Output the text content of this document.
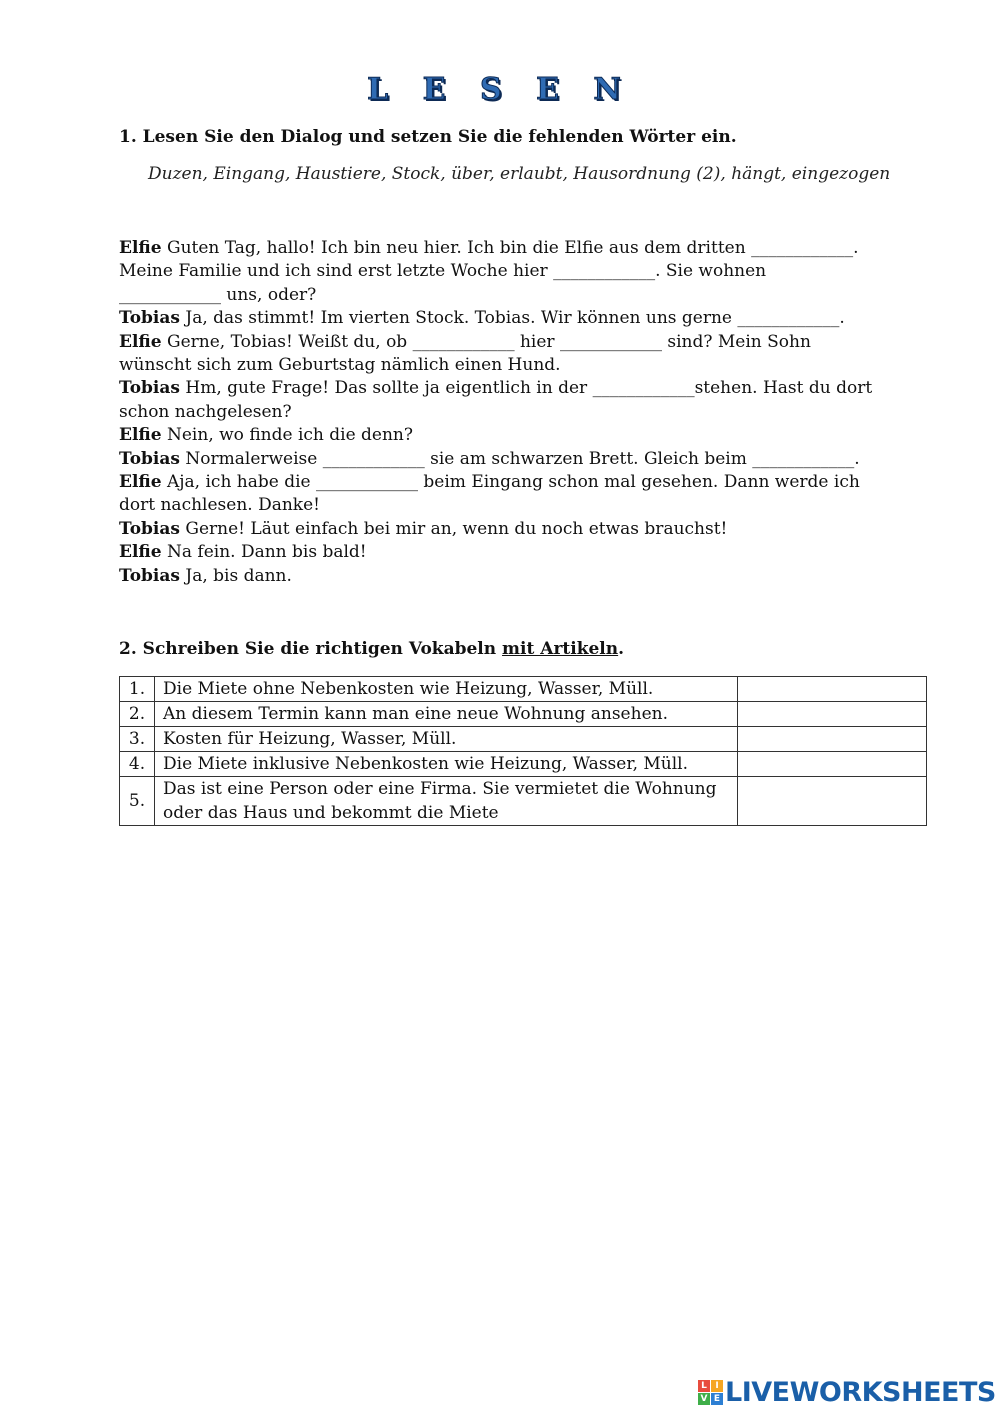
L E S E N
1. Lesen Sie den Dialog und setzen Sie die fehlenden Wörter ein.
Duzen, Eingang, Haustiere, Stock, über, erlaubt, Hausordnung (2), hängt, eingezogen
Elfie Guten Tag, hallo! Ich bin neu hier. Ich bin die Elfie aus dem dritten ____________.
Meine Familie und ich sind erst letzte Woche hier ____________. Sie wohnen
____________ uns, oder?
Tobias Ja, das stimmt! Im vierten Stock. Tobias. Wir können uns gerne ____________.
Elfie Gerne, Tobias! Weißt du, ob ____________ hier ____________ sind? Mein Sohn
wünscht sich zum Geburtstag nämlich einen Hund.
Tobias Hm, gute Frage! Das sollte ja eigentlich in der ____________stehen. Hast du dort
schon nachgelesen?
Elfie Nein, wo finde ich die denn?
Tobias Normalerweise ____________ sie am schwarzen Brett. Gleich beim ____________.
Elfie Aja, ich habe die ____________ beim Eingang schon mal gesehen. Dann werde ich
dort nachlesen. Danke!
Tobias Gerne! Läut einfach bei mir an, wenn du noch etwas brauchst!
Elfie Na fein. Dann bis bald!
Tobias Ja, bis dann.
2. Schreiben Sie die richtigen Vokabeln mit Artikeln.
1.	Die Miete ohne Nebenkosten wie Heizung, Wasser, Müll.	
2.	An diesem Termin kann man eine neue Wohnung ansehen.	
3.	Kosten für Heizung, Wasser, Müll.	
4.	Die Miete inklusive Nebenkosten wie Heizung, Wasser, Müll.	
5.	Das ist eine Person oder eine Firma. Sie vermietet die Wohnung oder das Haus und bekommt die Miete	
L I
V E LIVEWORKSHEETS
